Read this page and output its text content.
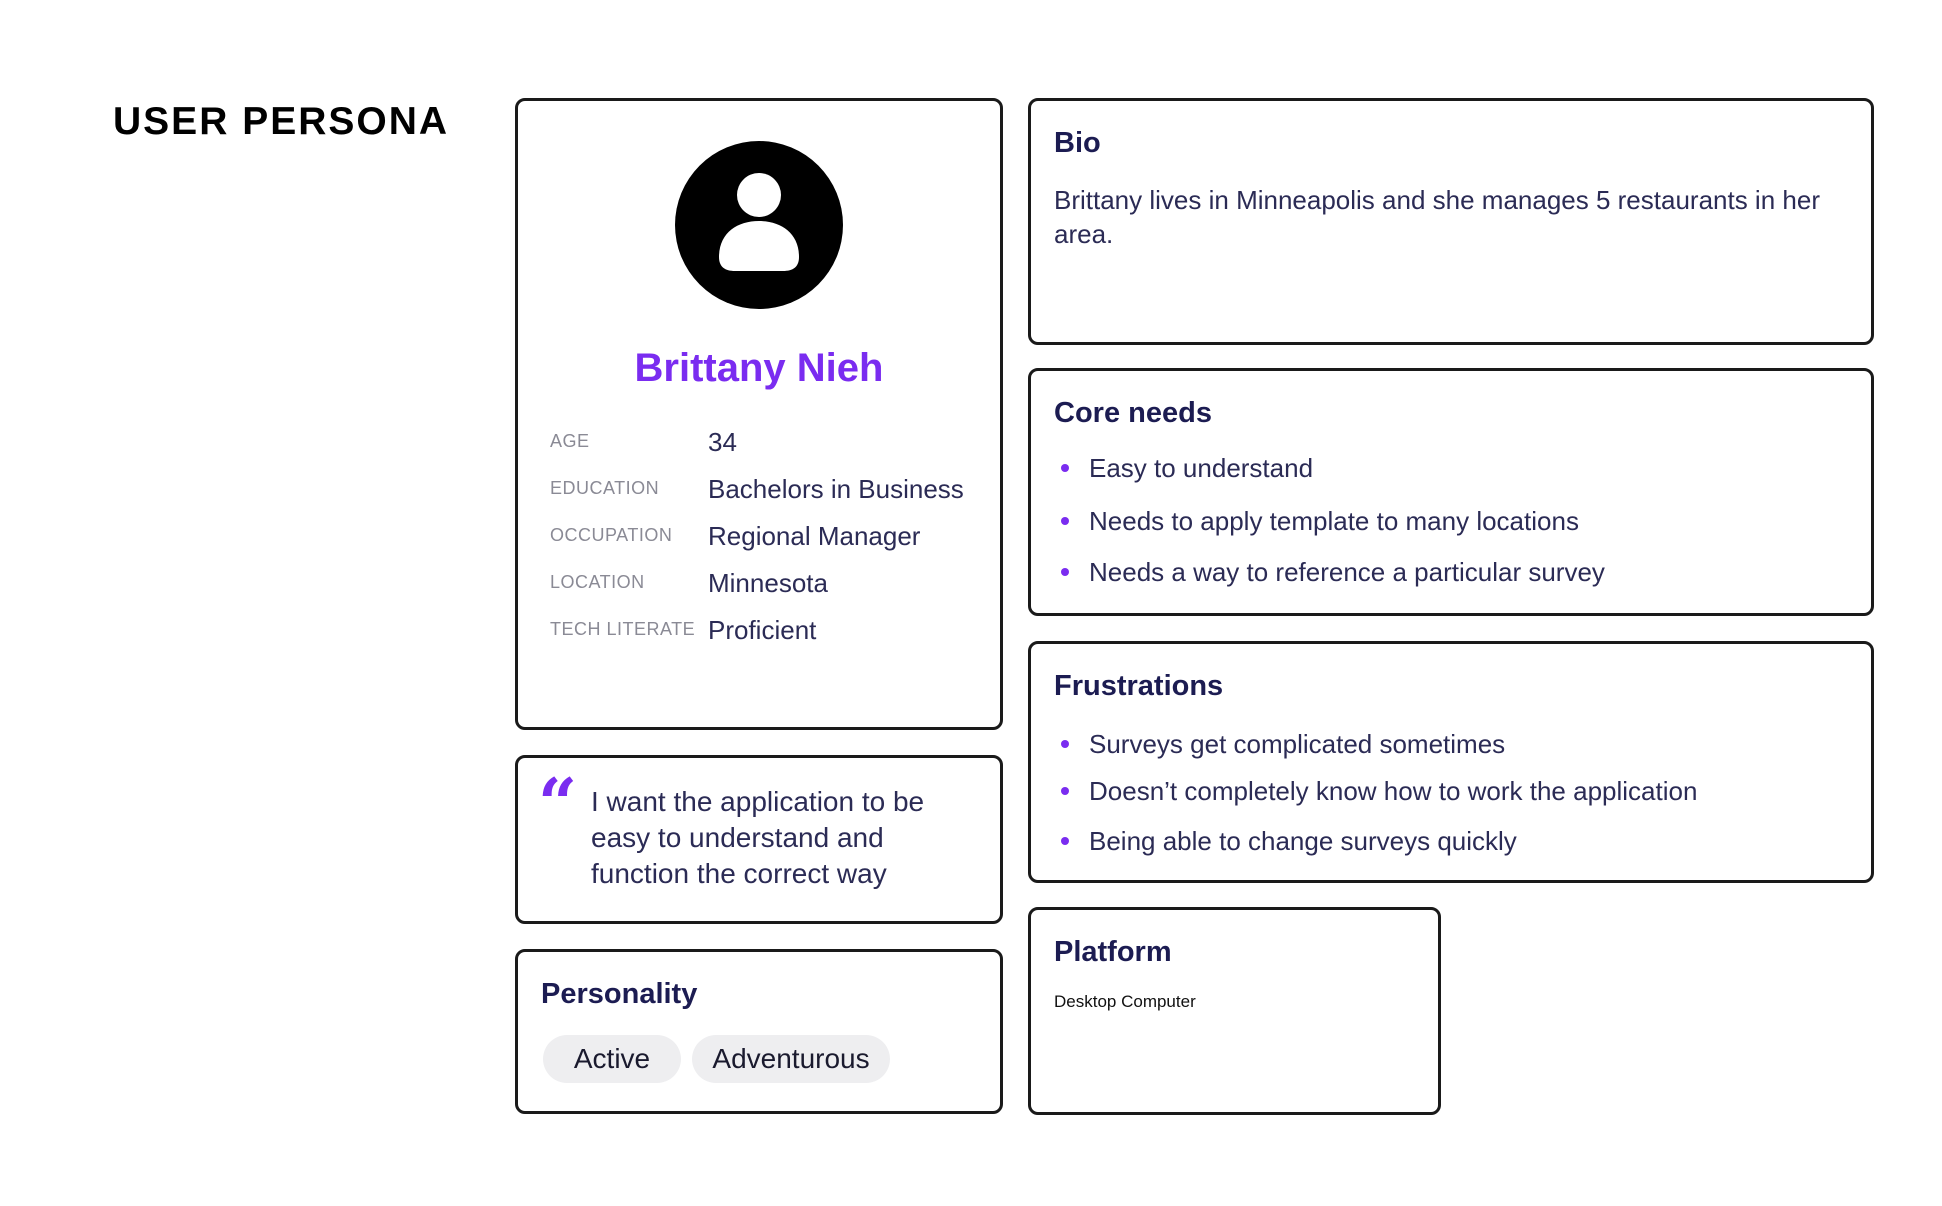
USER PERSONA
Brittany Nieh
AGE	34
EDUCATION Bachelors in Business
OCCUPATION Regional Manager
LOCATION Minnesota
TECH LITERATE Proficient
“ I want the application to be easy to understand and function the correct way
Personality
Active	Adventurous
Bio
Brittany lives in Minneapolis and she manages 5 restaurants in her area.
Core needs
Easy to understand
Needs to apply template to many locations
Needs a way to reference a particular survey
Frustrations
Surveys get complicated sometimes
Doesn’t completely know how to work the application
Being able to change surveys quickly
Platform
Desktop Computer
